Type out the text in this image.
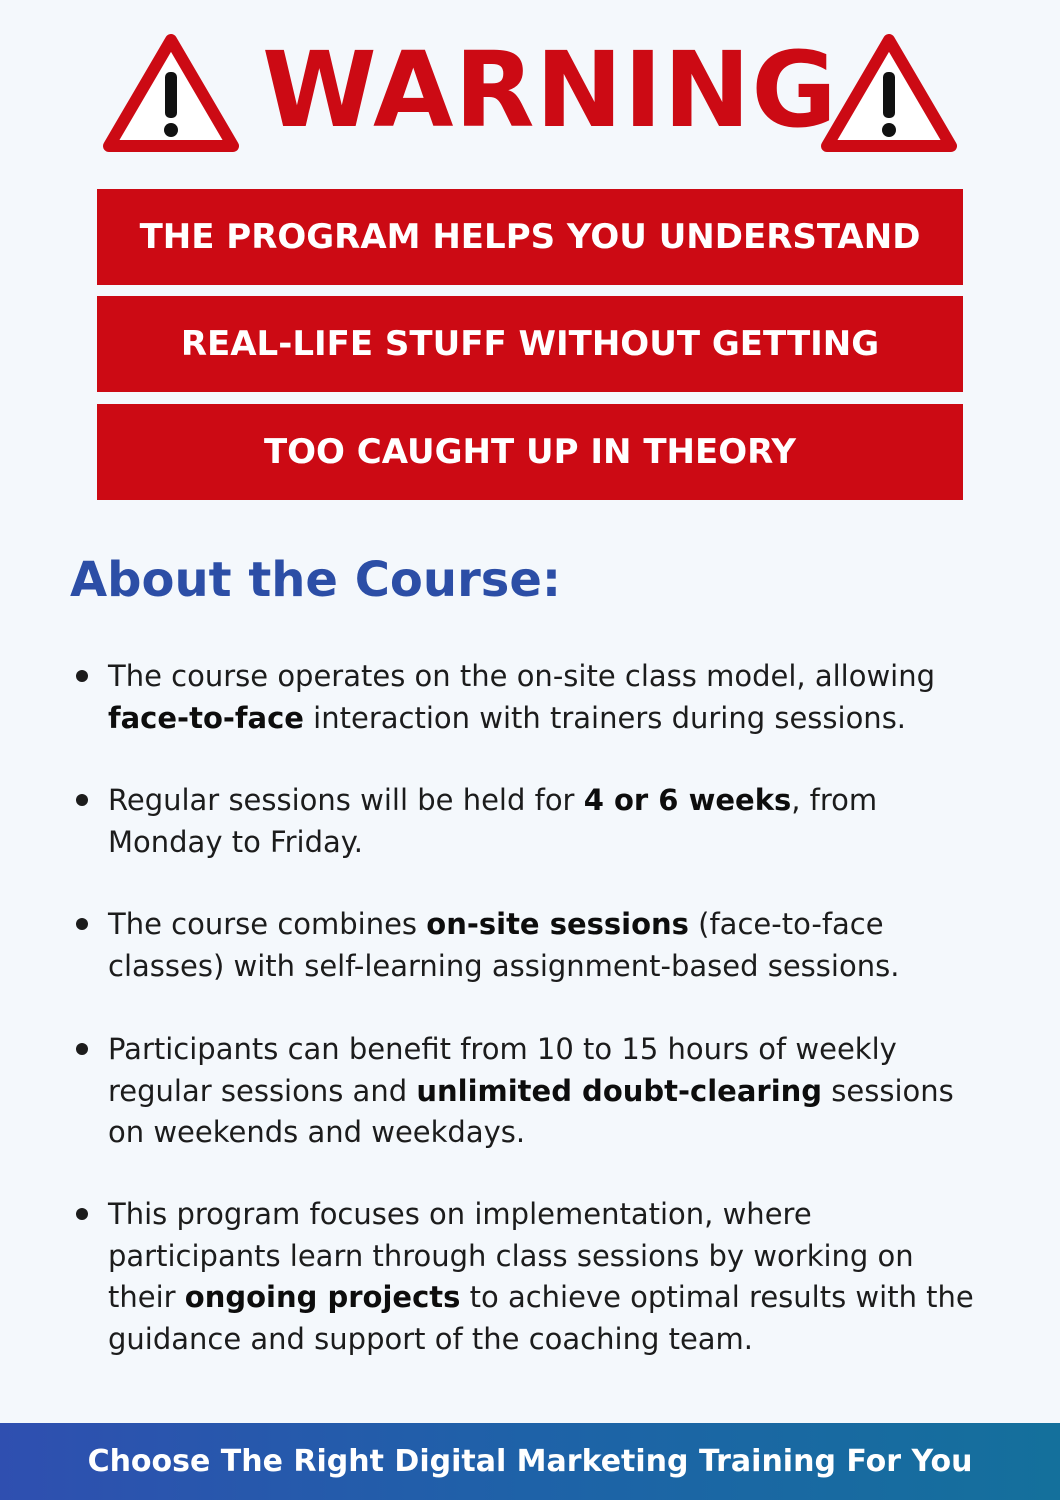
WARNING
THE PROGRAM HELPS YOU UNDERSTAND
REAL-LIFE STUFF WITHOUT GETTING
TOO CAUGHT UP IN THEORY
About the Course:
The course operates on the on-site class model, allowing face-to-face interaction with trainers during sessions.
Regular sessions will be held for 4 or 6 weeks, from Monday to Friday.
The course combines on-site sessions (face-to-face classes) with self-learning assignment-based sessions.
Participants can benefit from 10 to 15 hours of weekly regular sessions and unlimited doubt-clearing sessions on weekends and weekdays.
This program focuses on implementation, where participants learn through class sessions by working on their ongoing projects to achieve optimal results with the guidance and support of the coaching team.
Choose The Right Digital Marketing Training For You
